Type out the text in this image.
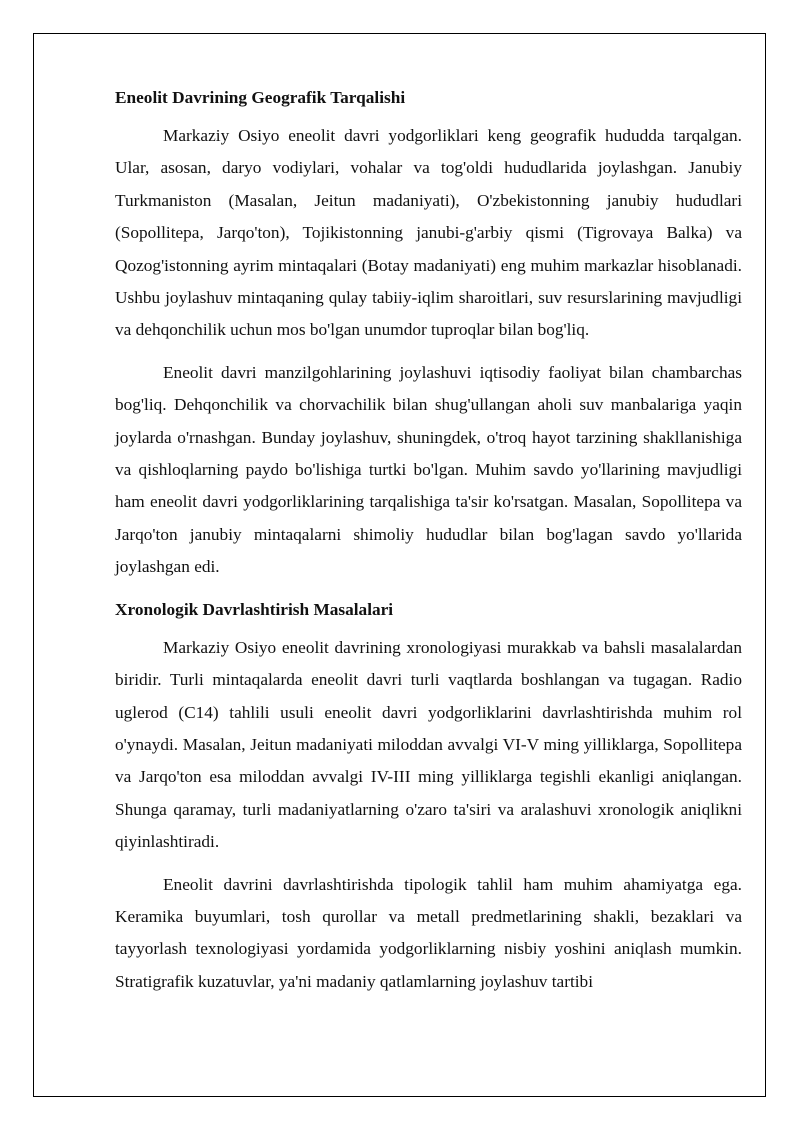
Eneolit Davrining Geografik Tarqalishi

Markaziy Osiyo eneolit davri yodgorliklari keng geografik hududda tarqalgan. Ular, asosan, daryo vodiylari, vohalar va tog'oldi hududlarida joylashgan. Janubiy Turkmaniston (Masalan, Jeitun madaniyati), O'zbekistonning janubiy hududlari (Sopollitepa, Jarqo'ton), Tojikistonning janubi-g'arbiy qismi (Tigrovaya Balka) va Qozog'istonning ayrim mintaqalari (Botay madaniyati) eng muhim markazlar hisoblanadi. Ushbu joylashuv mintaqaning qulay tabiiy-iqlim sharoitlari, suv resurslarining mavjudligi va dehqonchilik uchun mos bo'lgan unumdor tuproqlar bilan bog'liq.

Eneolit davri manzilgohlarining joylashuvi iqtisodiy faoliyat bilan chambarchas bog'liq. Dehqonchilik va chorvachilik bilan shug'ullangan aholi suv manbalariga yaqin joylarda o'rnashgan. Bunday joylashuv, shuningdek, o'troq hayot tarzining shakllanishiga va qishloqlarning paydo bo'lishiga turtki bo'lgan. Muhim savdo yo'llarining mavjudligi ham eneolit davri yodgorliklarining tarqalishiga ta'sir ko'rsatgan. Masalan, Sopollitepa va Jarqo'ton janubiy mintaqalarni shimoliy hududlar bilan bog'lagan savdo yo'llarida joylashgan edi.

Xronologik Davrlashtirish Masalalari

Markaziy Osiyo eneolit davrining xronologiyasi murakkab va bahsli masalalardan biridir. Turli mintaqalarda eneolit davri turli vaqtlarda boshlangan va tugagan. Radio uglerod (C14) tahlili usuli eneolit davri yodgorliklarini davrlashtirishda muhim rol o'ynaydi. Masalan, Jeitun madaniyati miloddan avvalgi VI-V ming yilliklarga, Sopollitepa va Jarqo'ton esa miloddan avvalgi IV-III ming yilliklarga tegishli ekanligi aniqlangan. Shunga qaramay, turli madaniyatlarning o'zaro ta'siri va aralashuvi xronologik aniqlikni qiyinlashtiradi.

Eneolit davrini davrlashtirishda tipologik tahlil ham muhim ahamiyatga ega. Keramika buyumlari, tosh qurollar va metall predmetlarining shakli, bezaklari va tayyorlash texnologiyasi yordamida yodgorliklarning nisbiy yoshini aniqlash mumkin. Stratigrafik kuzatuvlar, ya'ni madaniy qatlamlarning joylashuv tartibi
